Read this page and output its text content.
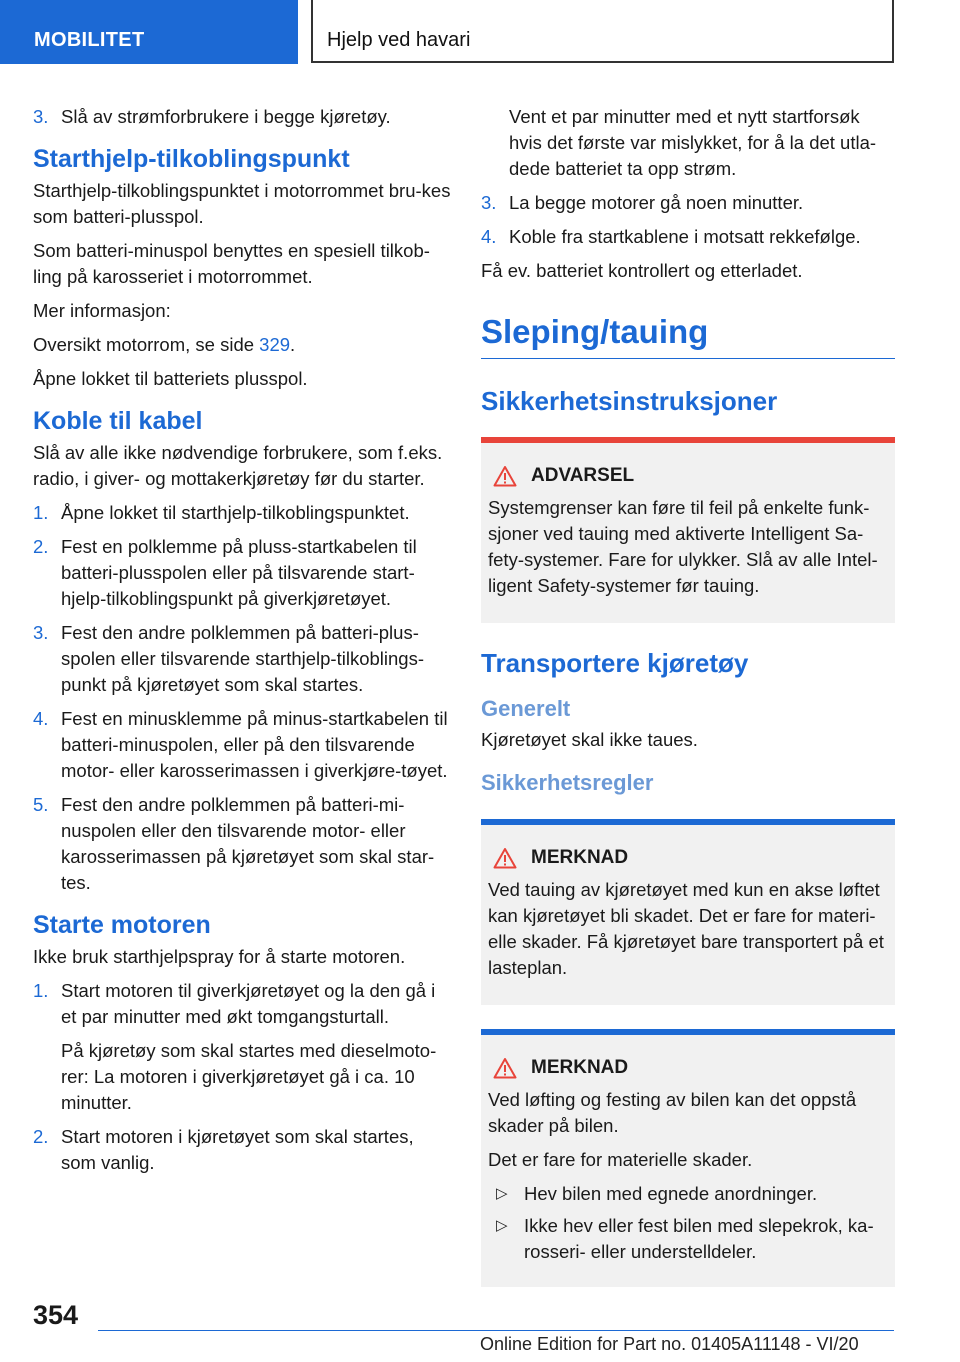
MOBILITET	Hjelp ved havari
3. Slå av strømforbrukere i begge kjøretøy.
Starthjelp-tilkoblingspunkt

Starthjelp-tilkoblingspunktet i motorrommet bru-kes som batteri-plusspol.

Som batteri-minuspol benyttes en spesiell tilkob-ling på karosseriet i motorrommet.

Mer informasjon:

Oversikt motorrom, se side 329.

Åpne lokket til batteriets plusspol.

Koble til kabel

Slå av alle ikke nødvendige forbrukere, som f.eks. radio, i giver- og mottakerkjøretøy før du starter.

1. Åpne lokket til starthjelp-tilkoblingspunktet.
2. Fest en polklemme på pluss-startkabelen til batteri-plusspolen eller på tilsvarende start-hjelp-tilkoblingspunkt på giverkjøretøyet.
3. Fest den andre polklemmen på batteri-plus-spolen eller tilsvarende starthjelp-tilkoblings-punkt på kjøretøyet som skal startes.
4. Fest en minusklemme på minus-startkabelen til batteri-minuspolen, eller på den tilsvarende motor- eller karosserimassen i giverkjøre-tøyet.
5. Fest den andre polklemmen på batteri-mi-nuspolen eller den tilsvarende motor- eller karosserimassen på kjøretøyet som skal star-tes.
Starte motoren

Ikke bruk starthjelpspray for å starte motoren.

1. Start motoren til giverkjøretøyet og la den gå i et par minutter med økt tomgangsturtall.
På kjøretøy som skal startes med dieselmoto-rer: La motoren i giverkjøretøyet gå i ca. 10 minutter.
2. Start motoren i kjøretøyet som skal startes, som vanlig.

Vent et par minutter med et nytt startforsøk hvis det første var mislykket, for å la det utla-dede batteriet ta opp strøm.

3. La begge motorer gå noen minutter.
4. Koble fra startkablene i motsatt rekkefølge.

Få ev. batteriet kontrollert og etterladet.

Sleping/tauing
Sikkerhetsinstruksjoner
ADVARSEL

Systemgrenser kan føre til feil på enkelte funk-sjoner ved tauing med aktiverte Intelligent Sa-fety-systemer. Fare for ulykker. Slå av alle Intel-ligent Safety-systemer før tauing.

Transportere kjøretøy
Generelt

Kjøretøyet skal ikke taues.

Sikkerhetsregler
MERKNAD

Ved tauing av kjøretøyet med kun en akse løftet kan kjøretøyet bli skadet. Det er fare for materi-elle skader. Få kjøretøyet bare transportert på et lasteplan.

MERKNAD

Ved løfting og festing av bilen kan det oppstå skader på bilen.

Det er fare for materielle skader.

▷ Hev bilen med egnede anordninger.
▷ Ikke hev eller fest bilen med slepekrok, ka-rosseri- eller understelldeler.
354
Online Edition for Part no. 01405A11148 - VI/20
